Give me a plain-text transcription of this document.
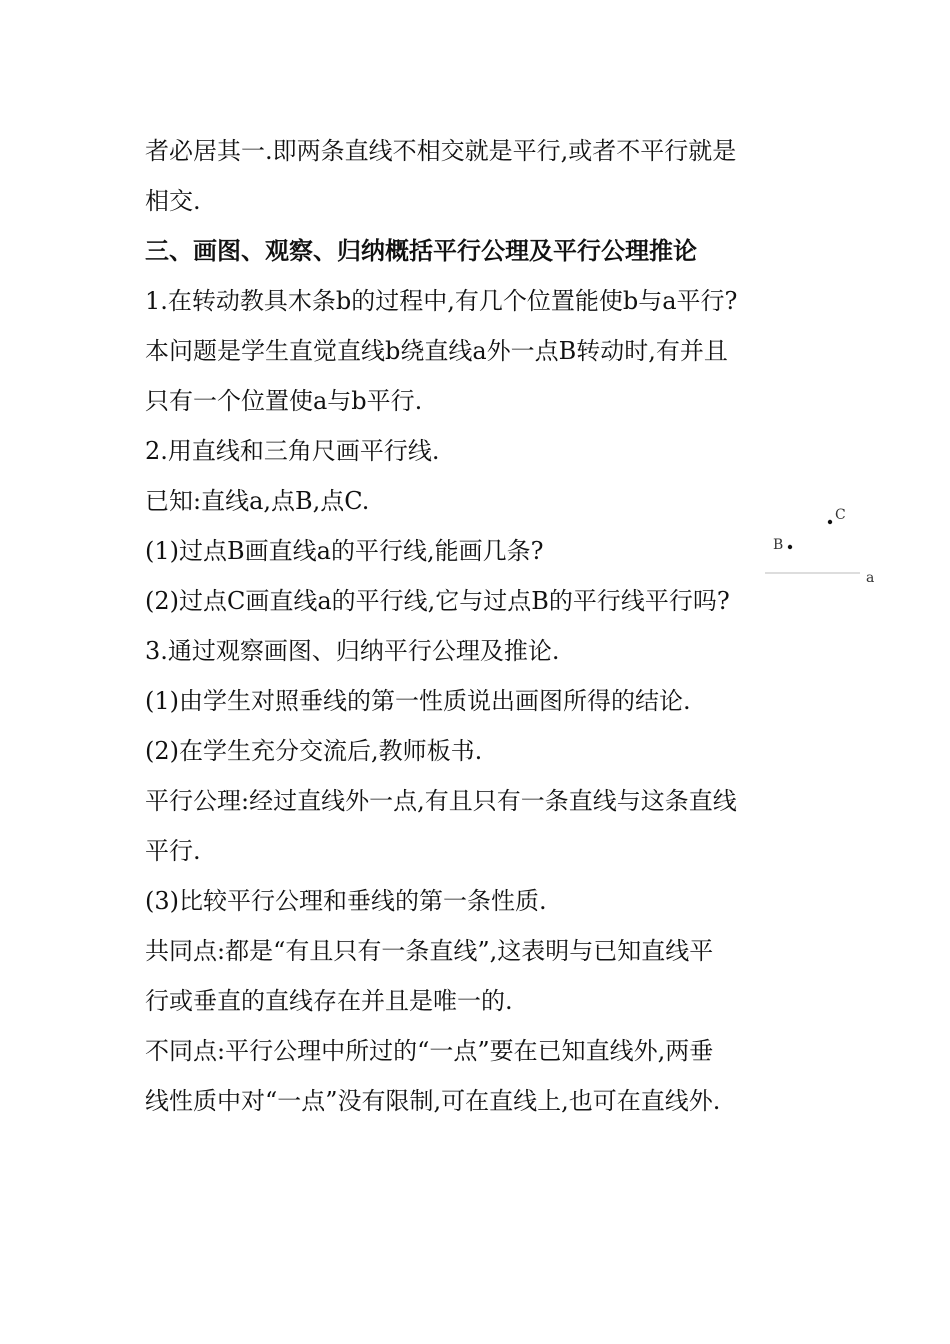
者必居其一.即两条直线不相交就是平行,或者不平行就是
相交.
三、画图、观察、归纳概括平行公理及平行公理推论
1.在转动教具木条b的过程中,有几个位置能使b与a平行?
本问题是学生直觉直线b绕直线a外一点B转动时,有并且
只有一个位置使a与b平行.
2.用直线和三角尺画平行线.
已知:直线a,点B,点C.
(1)过点B画直线a的平行线,能画几条?
(2)过点C画直线a的平行线,它与过点B的平行线平行吗?
3.通过观察画图、归纳平行公理及推论.
(1)由学生对照垂线的第一性质说出画图所得的结论.
(2)在学生充分交流后,教师板书.
平行公理:经过直线外一点,有且只有一条直线与这条直线
平行.
(3)比较平行公理和垂线的第一条性质.
共同点:都是“有且只有一条直线”,这表明与已知直线平
行或垂直的直线存在并且是唯一的.
不同点:平行公理中所过的“一点”要在已知直线外,两垂
线性质中对“一点”没有限制,可在直线上,也可在直线外.
C
B
a
